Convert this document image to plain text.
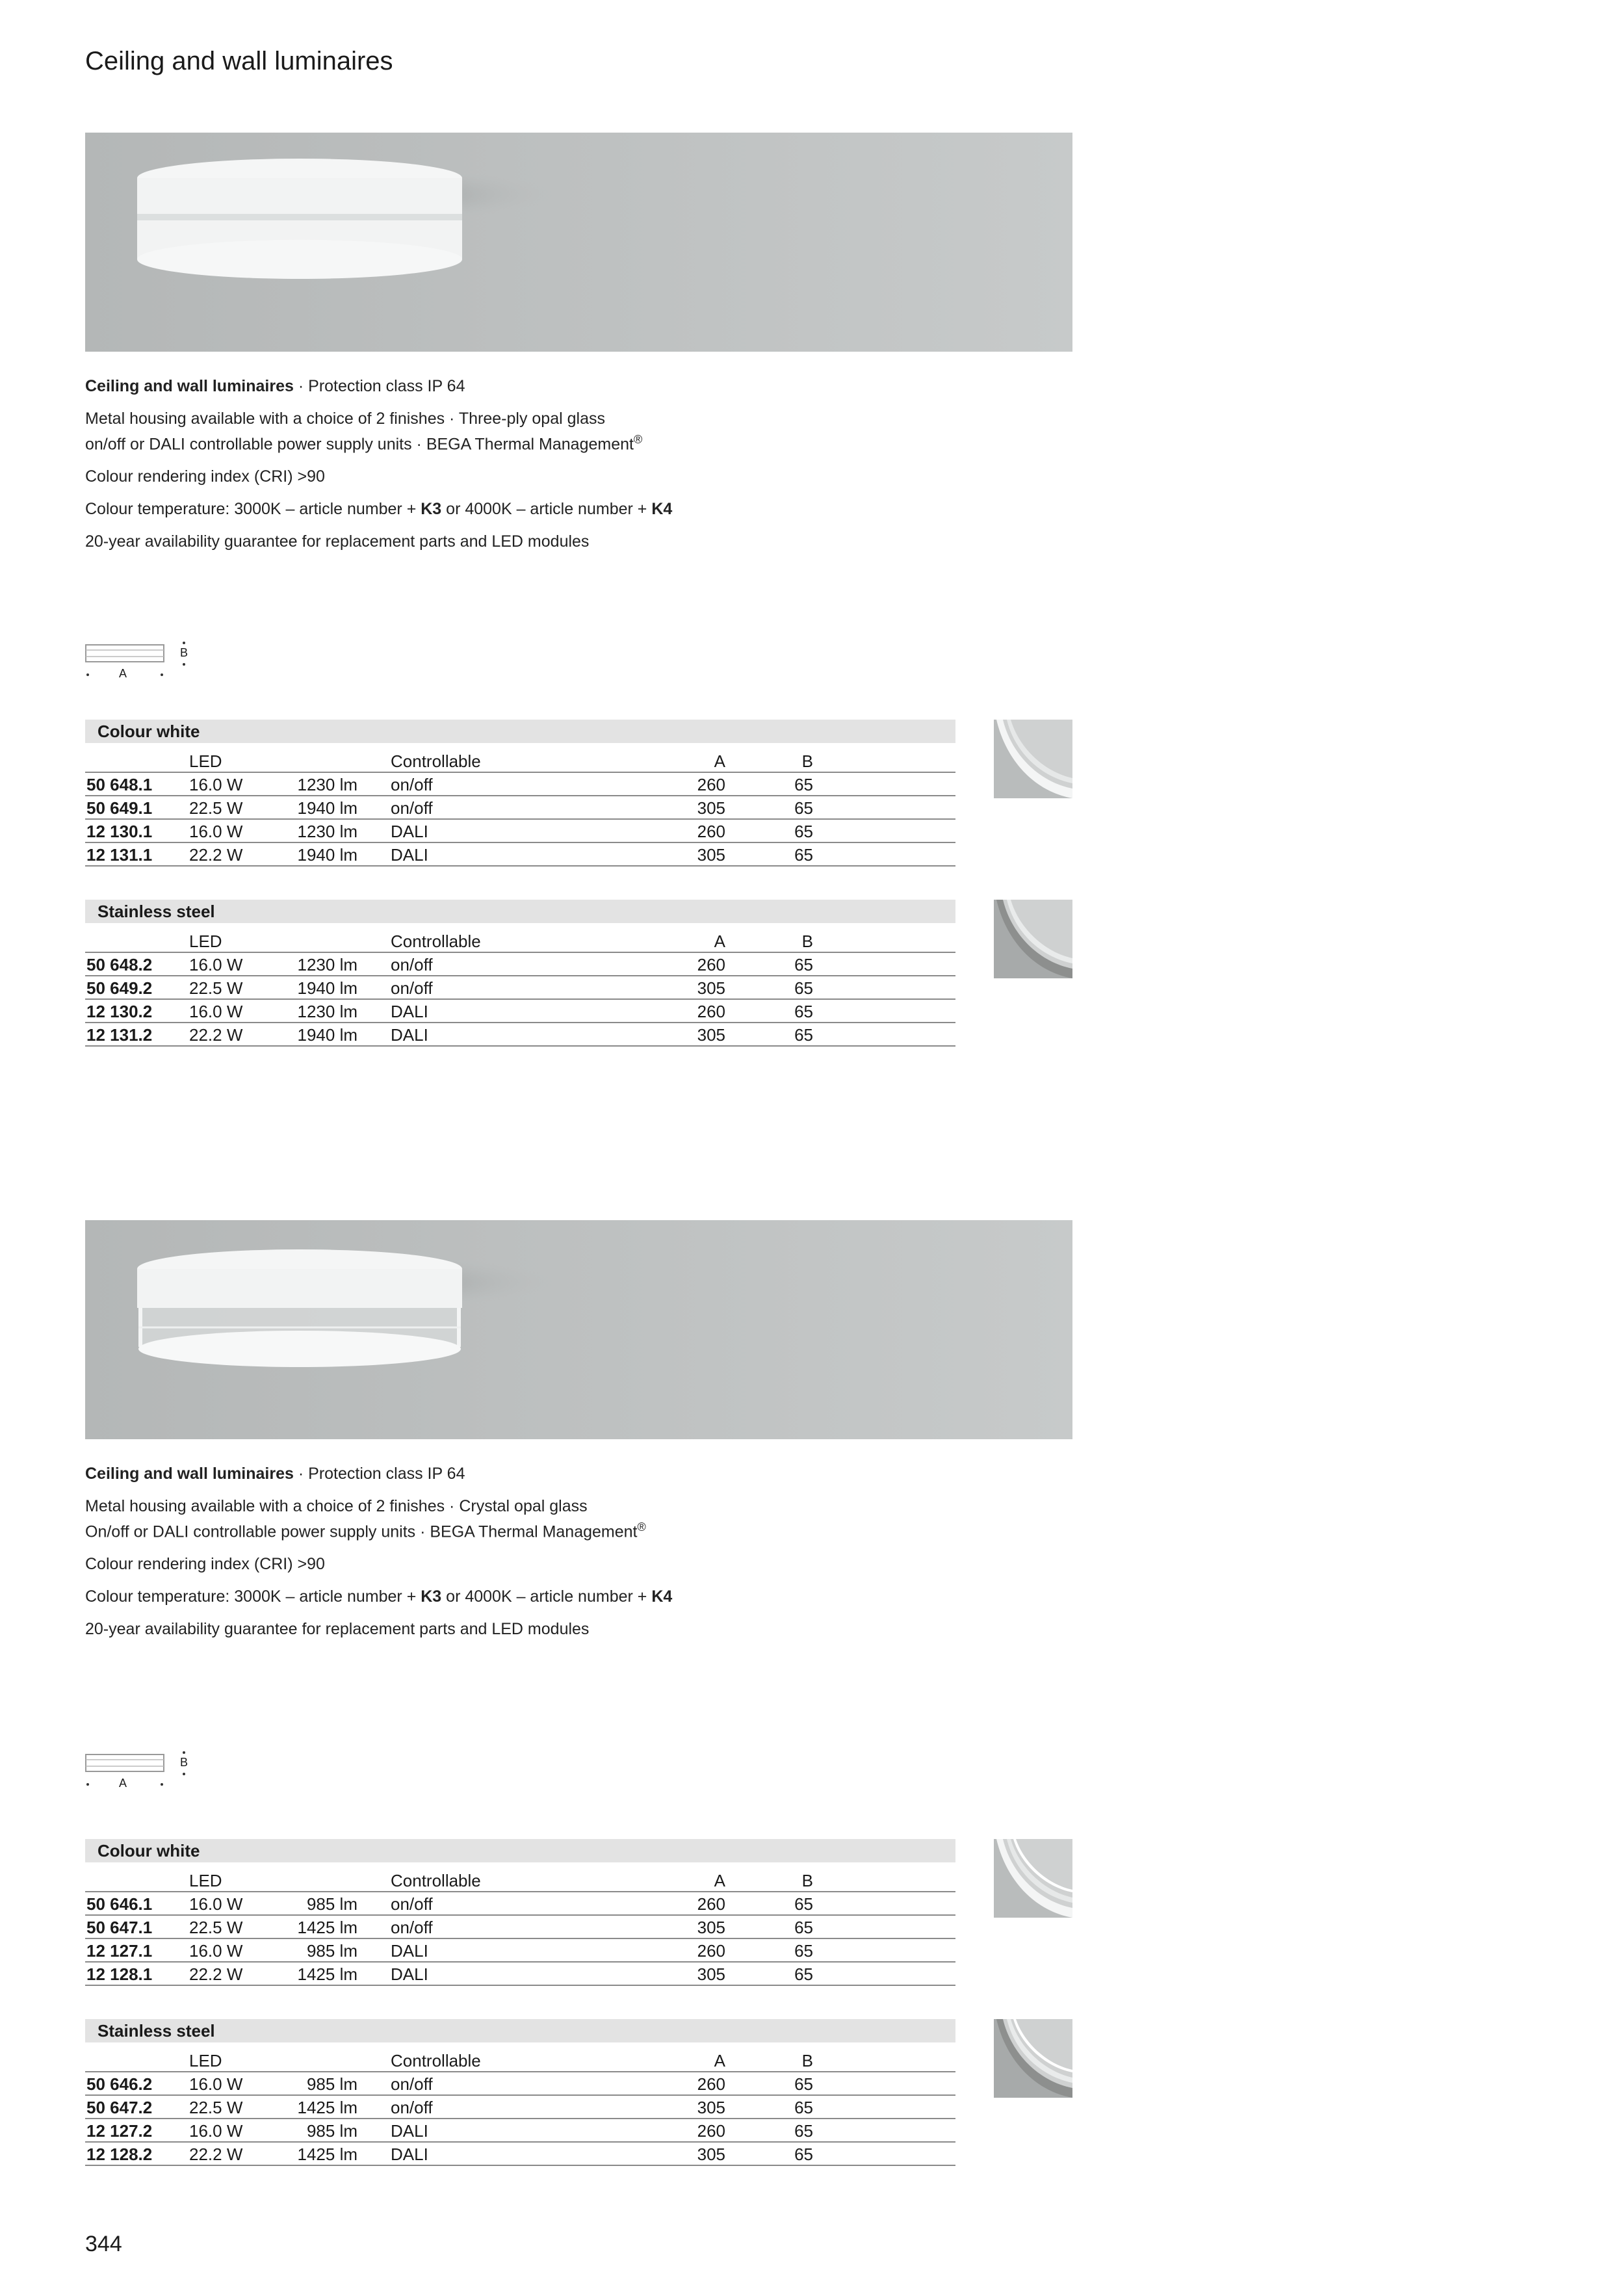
Ceiling and wall luminaires

Ceiling and wall luminaires · Protection class IP 64

Metal housing available with a choice of 2 finishes · Three-ply opal glass

on/off or DALI controllable power supply units · BEGA Thermal Management®

Colour rendering index (CRI) >90

Colour temperature: 3000K – article number + K3 or 4000K – article number + K4

20-year availability guarantee for replacement parts and LED modules

A
B
Colour white
LED	Controllable	A	B
50 648.1 16.0 W	1230 lm on/off	260	65
50 649.1 22.5 W	1940 lm on/off	305	65
12 130.1 16.0 W	1230 lm DALI	260	65
12 131.1 22.2 W	1940 lm DALI	305	65
Stainless steel
LED	Controllable	A	B
50 648.2 16.0 W	1230 lm on/off	260	65
50 649.2 22.5 W	1940 lm on/off	305	65
12 130.2 16.0 W	1230 lm DALI	260	65
12 131.2 22.2 W	1940 lm DALI	305	65

Ceiling and wall luminaires · Protection class IP 64

Metal housing available with a choice of 2 finishes · Crystal opal glass

On/off or DALI controllable power supply units · BEGA Thermal Management®

Colour rendering index (CRI) >90

Colour temperature: 3000K – article number + K3 or 4000K – article number + K4

20-year availability guarantee for replacement parts and LED modules

A
B
Colour white
LED	Controllable	A	B
50 646.1 16.0 W	985 lm on/off	260	65
50 647.1 22.5 W	1425 lm on/off	305	65
12 127.1 16.0 W	985 lm DALI	260	65
12 128.1 22.2 W	1425 lm DALI	305	65
Stainless steel
LED	Controllable	A	B
50 646.2 16.0 W	985 lm on/off	260	65
50 647.2 22.5 W	1425 lm on/off	305	65
12 127.2 16.0 W	985 lm DALI	260	65
12 128.2 22.2 W	1425 lm DALI	305	65
344
